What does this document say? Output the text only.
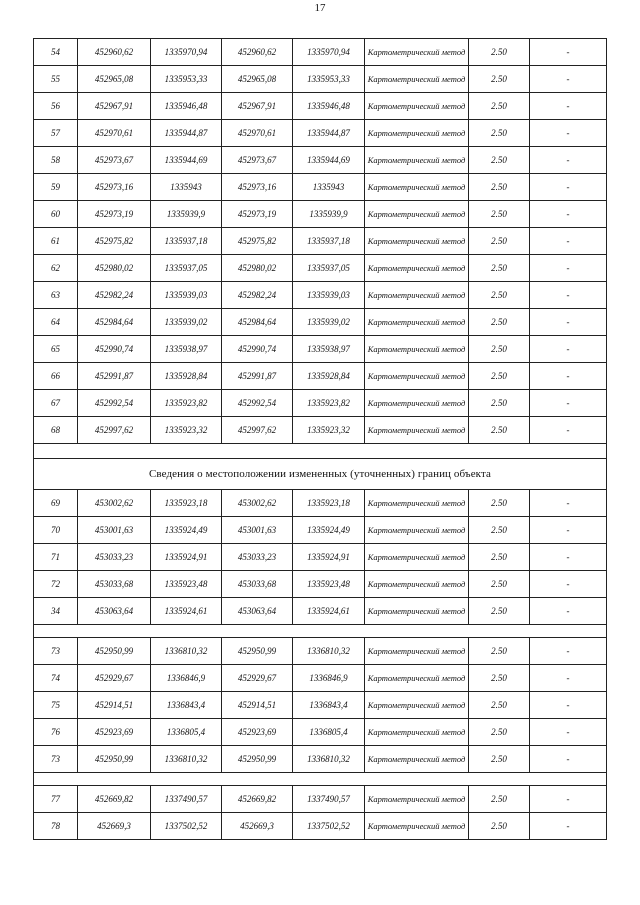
17
54	452960,62	1335970,94	452960,62	1335970,94	Картометрический метод	2.50	-
55	452965,08	1335953,33	452965,08	1335953,33	Картометрический метод	2.50	-
56	452967,91	1335946,48	452967,91	1335946,48	Картометрический метод	2.50	-
57	452970,61	1335944,87	452970,61	1335944,87	Картометрический метод	2.50	-
58	452973,67	1335944,69	452973,67	1335944,69	Картометрический метод	2.50	-
59	452973,16	1335943	452973,16	1335943	Картометрический метод	2.50	-
60	452973,19	1335939,9	452973,19	1335939,9	Картометрический метод	2.50	-
61	452975,82	1335937,18	452975,82	1335937,18	Картометрический метод	2.50	-
62	452980,02	1335937,05	452980,02	1335937,05	Картометрический метод	2.50	-
63	452982,24	1335939,03	452982,24	1335939,03	Картометрический метод	2.50	-
64	452984,64	1335939,02	452984,64	1335939,02	Картометрический метод	2.50	-
65	452990,74	1335938,97	452990,74	1335938,97	Картометрический метод	2.50	-
66	452991,87	1335928,84	452991,87	1335928,84	Картометрический метод	2.50	-
67	452992,54	1335923,82	452992,54	1335923,82	Картометрический метод	2.50	-
68	452997,62	1335923,32	452997,62	1335923,32	Картометрический метод	2.50	-
Сведения о местоположении измененных (уточненных) границ объекта
69	453002,62	1335923,18	453002,62	1335923,18	Картометрический метод	2.50	-
70	453001,63	1335924,49	453001,63	1335924,49	Картометрический метод	2.50	-
71	453033,23	1335924,91	453033,23	1335924,91	Картометрический метод	2.50	-
72	453033,68	1335923,48	453033,68	1335923,48	Картометрический метод	2.50	-
34	453063,64	1335924,61	453063,64	1335924,61	Картометрический метод	2.50	-
73	452950,99	1336810,32	452950,99	1336810,32	Картометрический метод	2.50	-
74	452929,67	1336846,9	452929,67	1336846,9	Картометрический метод	2.50	-
75	452914,51	1336843,4	452914,51	1336843,4	Картометрический метод	2.50	-
76	452923,69	1336805,4	452923,69	1336805,4	Картометрический метод	2.50	-
73	452950,99	1336810,32	452950,99	1336810,32	Картометрический метод	2.50	-
77	452669,82	1337490,57	452669,82	1337490,57	Картометрический метод	2.50	-
78	452669,3	1337502,52	452669,3	1337502,52	Картометрический метод	2.50	-
